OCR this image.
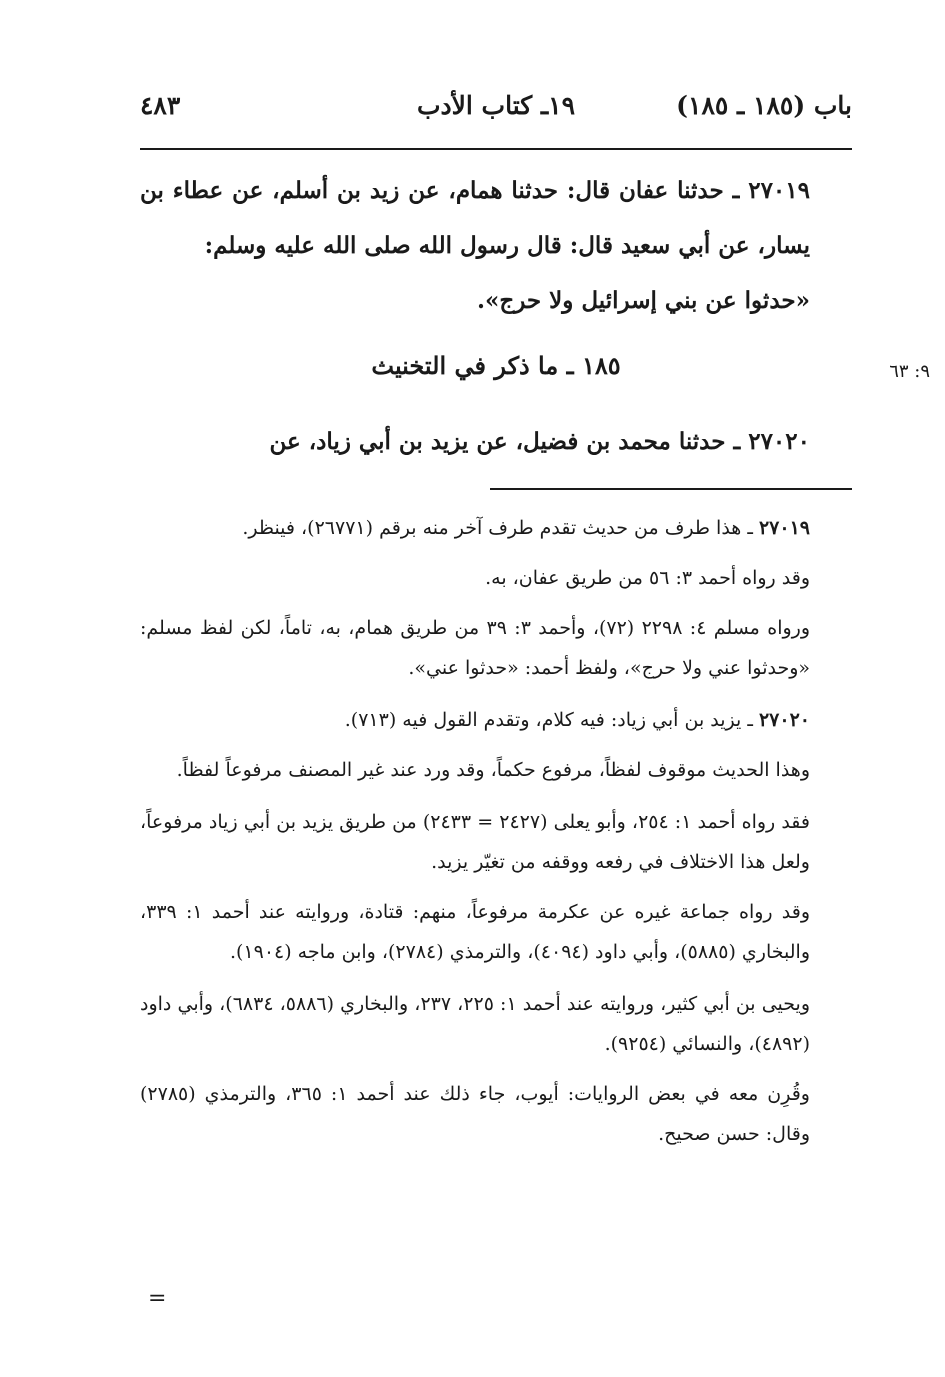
باب (١٨٥ ـ ١٨٥)
١٩ـ كتاب الأدب
٤٨٣

٢٧٠١٩ ـ حدثنا عفان قال: حدثنا همام، عن زيد بن أسلم، عن عطاء بن يسار، عن أبي سعيد قال: قال رسول الله صلى الله عليه وسلم:
«حدثوا عن بني إسرائيل ولا حرج».

١٨٥ ـ ما ذكر في التخنيث	٩: ٦٣

٢٧٠٢٠ ـ حدثنا محمد بن فضيل، عن يزيد بن أبي زياد، عن

٢٧٠١٩ ـ هذا طرف من حديث تقدم طرف آخر منه برقم (٢٦٧٧١)، فينظر.

وقد رواه أحمد ٣: ٥٦ من طريق عفان، به.

ورواه مسلم ٤: ٢٢٩٨ (٧٢)، وأحمد ٣: ٣٩ من طريق همام، به، تاماً، لكن لفظ مسلم: «وحدثوا عني ولا حرج»، ولفظ أحمد: «حدثوا عني».

٢٧٠٢٠ ـ يزيد بن أبي زياد: فيه كلام، وتقدم القول فيه (٧١٣).

وهذا الحديث موقوف لفظاً، مرفوع حكماً، وقد ورد عند غير المصنف مرفوعاً لفظاً.

فقد رواه أحمد ١: ٢٥٤، وأبو يعلى (٢٤٢٧ = ٢٤٣٣) من طريق يزيد بن أبي زياد مرفوعاً، ولعل هذا الاختلاف في رفعه ووقفه من تغيّر يزيد.

وقد رواه جماعة غيره عن عكرمة مرفوعاً، منهم: قتادة، وروايته عند أحمد ١: ٣٣٩، والبخاري (٥٨٨٥)، وأبي داود (٤٠٩٤)، والترمذي (٢٧٨٤)، وابن ماجه (١٩٠٤).

ويحيى بن أبي كثير، وروايته عند أحمد ١: ٢٢٥، ٢٣٧، والبخاري (٥٨٨٦، ٦٨٣٤)، وأبي داود (٤٨٩٢)، والنسائي (٩٢٥٤).

وقُرِن معه في بعض الروايات: أيوب، جاء ذلك عند أحمد ١: ٣٦٥، والترمذي (٢٧٨٥) وقال: حسن صحيح.

=
